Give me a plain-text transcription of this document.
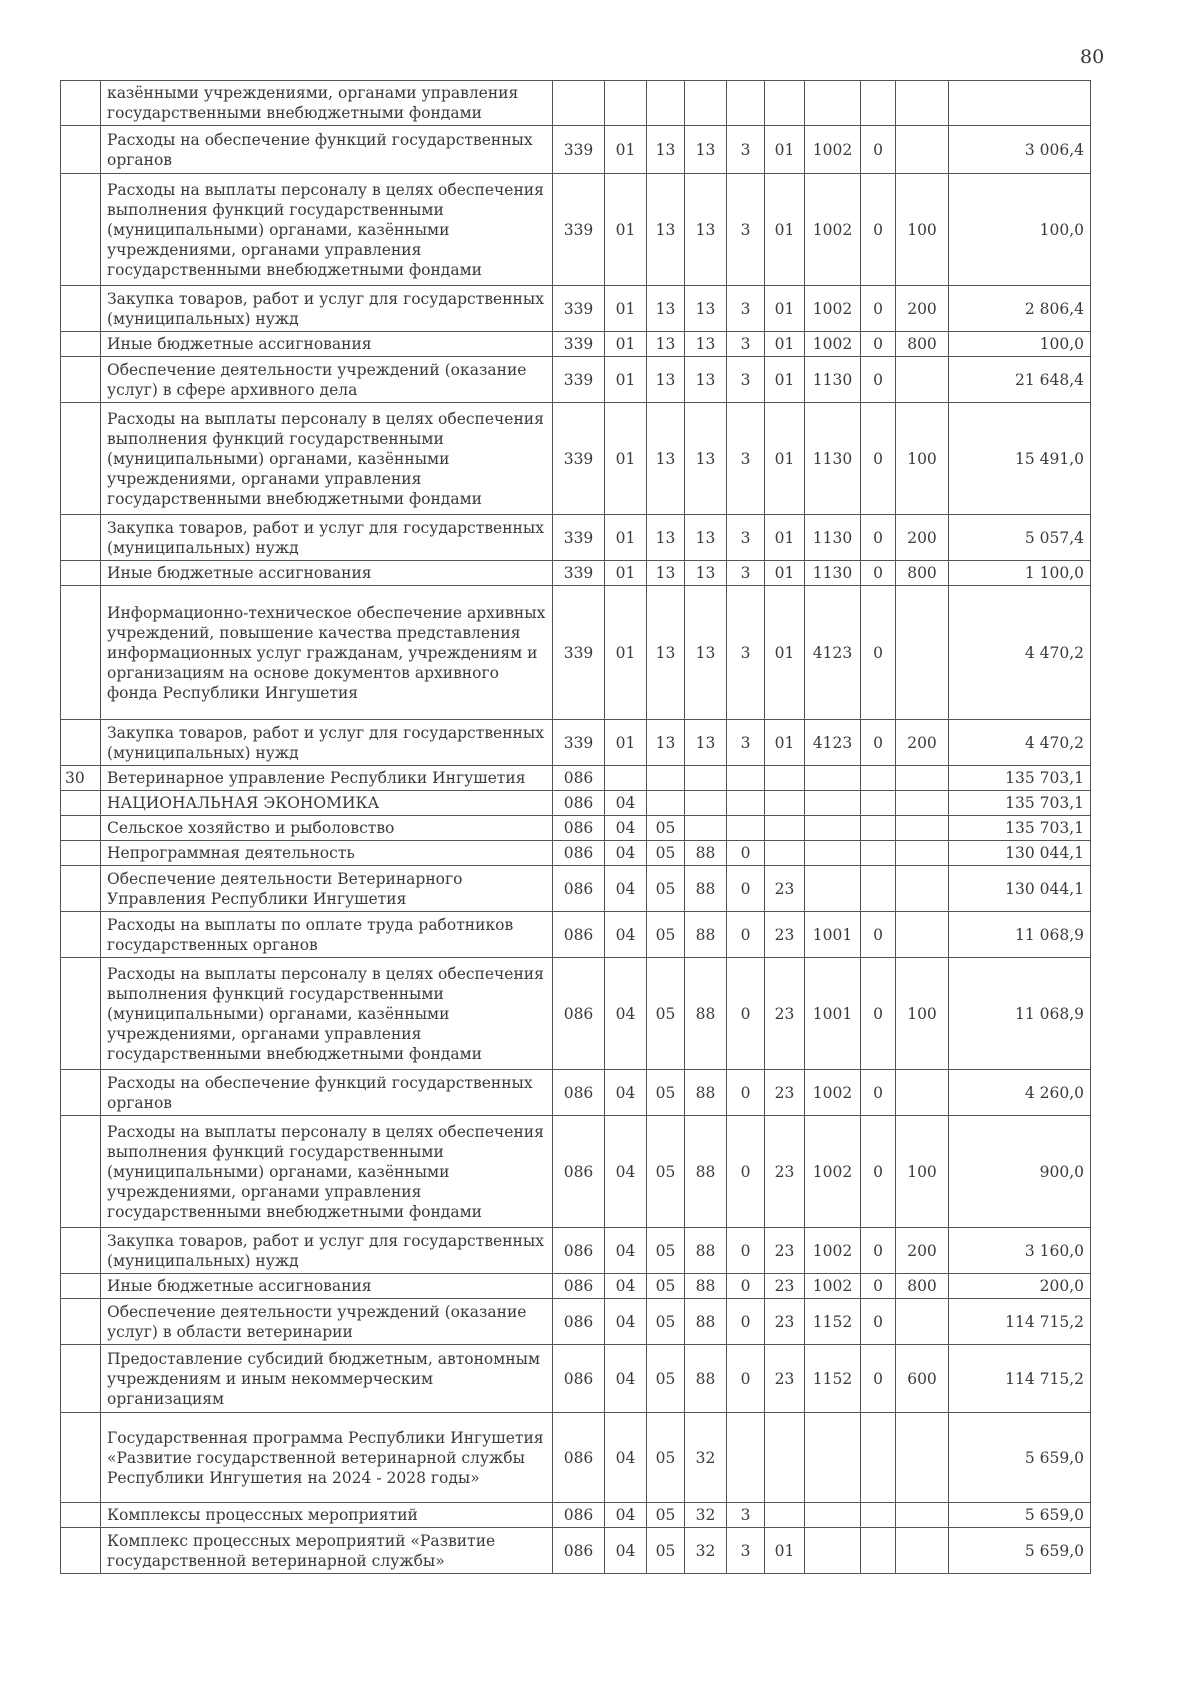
80
	казёнными учреждениями, органами управления государственными внебюджетными фондами										
	Расходы на обеспечение функций государственных органов	339	01	13	13	3	01	1002	0		3 006,4
	Расходы на выплаты персоналу в целях обеспечения выполнения функций государственными (муниципальными) органами, казёнными учреждениями, органами управления государственными внебюджетными фондами	339	01	13	13	3	01	1002	0	100	100,0
	Закупка товаров, работ и услуг для государственных (муниципальных) нужд	339	01	13	13	3	01	1002	0	200	2 806,4
	Иные бюджетные ассигнования	339	01	13	13	3	01	1002	0	800	100,0
	Обеспечение деятельности учреждений (оказание услуг) в сфере архивного дела	339	01	13	13	3	01	1130	0		21 648,4
	Расходы на выплаты персоналу в целях обеспечения выполнения функций государственными (муниципальными) органами, казёнными учреждениями, органами управления государственными внебюджетными фондами	339	01	13	13	3	01	1130	0	100	15 491,0
	Закупка товаров, работ и услуг для государственных (муниципальных) нужд	339	01	13	13	3	01	1130	0	200	5 057,4
	Иные бюджетные ассигнования	339	01	13	13	3	01	1130	0	800	1 100,0
	Информационно-техническое обеспечение архивных учреждений, повышение качества представления информационных услуг гражданам, учреждениям и организациям на основе документов архивного фонда Республики Ингушетия	339	01	13	13	3	01	4123	0		4 470,2
	Закупка товаров, работ и услуг для государственных (муниципальных) нужд	339	01	13	13	3	01	4123	0	200	4 470,2
30	Ветеринарное управление Республики Ингушетия	086									135 703,1
	НАЦИОНАЛЬНАЯ ЭКОНОМИКА	086	04								135 703,1
	Сельское хозяйство и рыболовство	086	04	05							135 703,1
	Непрограммная деятельность	086	04	05	88	0					130 044,1
	Обеспечение деятельности Ветеринарного Управления Республики Ингушетия	086	04	05	88	0	23				130 044,1
	Расходы на выплаты по оплате труда работников государственных органов	086	04	05	88	0	23	1001	0		11 068,9
	Расходы на выплаты персоналу в целях обеспечения выполнения функций государственными (муниципальными) органами, казёнными учреждениями, органами управления государственными внебюджетными фондами	086	04	05	88	0	23	1001	0	100	11 068,9
	Расходы на обеспечение функций государственных органов	086	04	05	88	0	23	1002	0		4 260,0
	Расходы на выплаты персоналу в целях обеспечения выполнения функций государственными (муниципальными) органами, казёнными учреждениями, органами управления государственными внебюджетными фондами	086	04	05	88	0	23	1002	0	100	900,0
	Закупка товаров, работ и услуг для государственных (муниципальных) нужд	086	04	05	88	0	23	1002	0	200	3 160,0
	Иные бюджетные ассигнования	086	04	05	88	0	23	1002	0	800	200,0
	Обеспечение деятельности учреждений (оказание услуг) в области ветеринарии	086	04	05	88	0	23	1152	0		114 715,2
	Предоставление субсидий бюджетным, автономным учреждениям и иным некоммерческим организациям	086	04	05	88	0	23	1152	0	600	114 715,2
	Государственная программа Республики Ингушетия «Развитие государственной ветеринарной службы Республики Ингушетия на 2024 - 2028 годы»	086	04	05	32						5 659,0
	Комплексы процессных мероприятий	086	04	05	32	3					5 659,0
	Комплекс процессных мероприятий «Развитие государственной ветеринарной службы»	086	04	05	32	3	01				5 659,0
